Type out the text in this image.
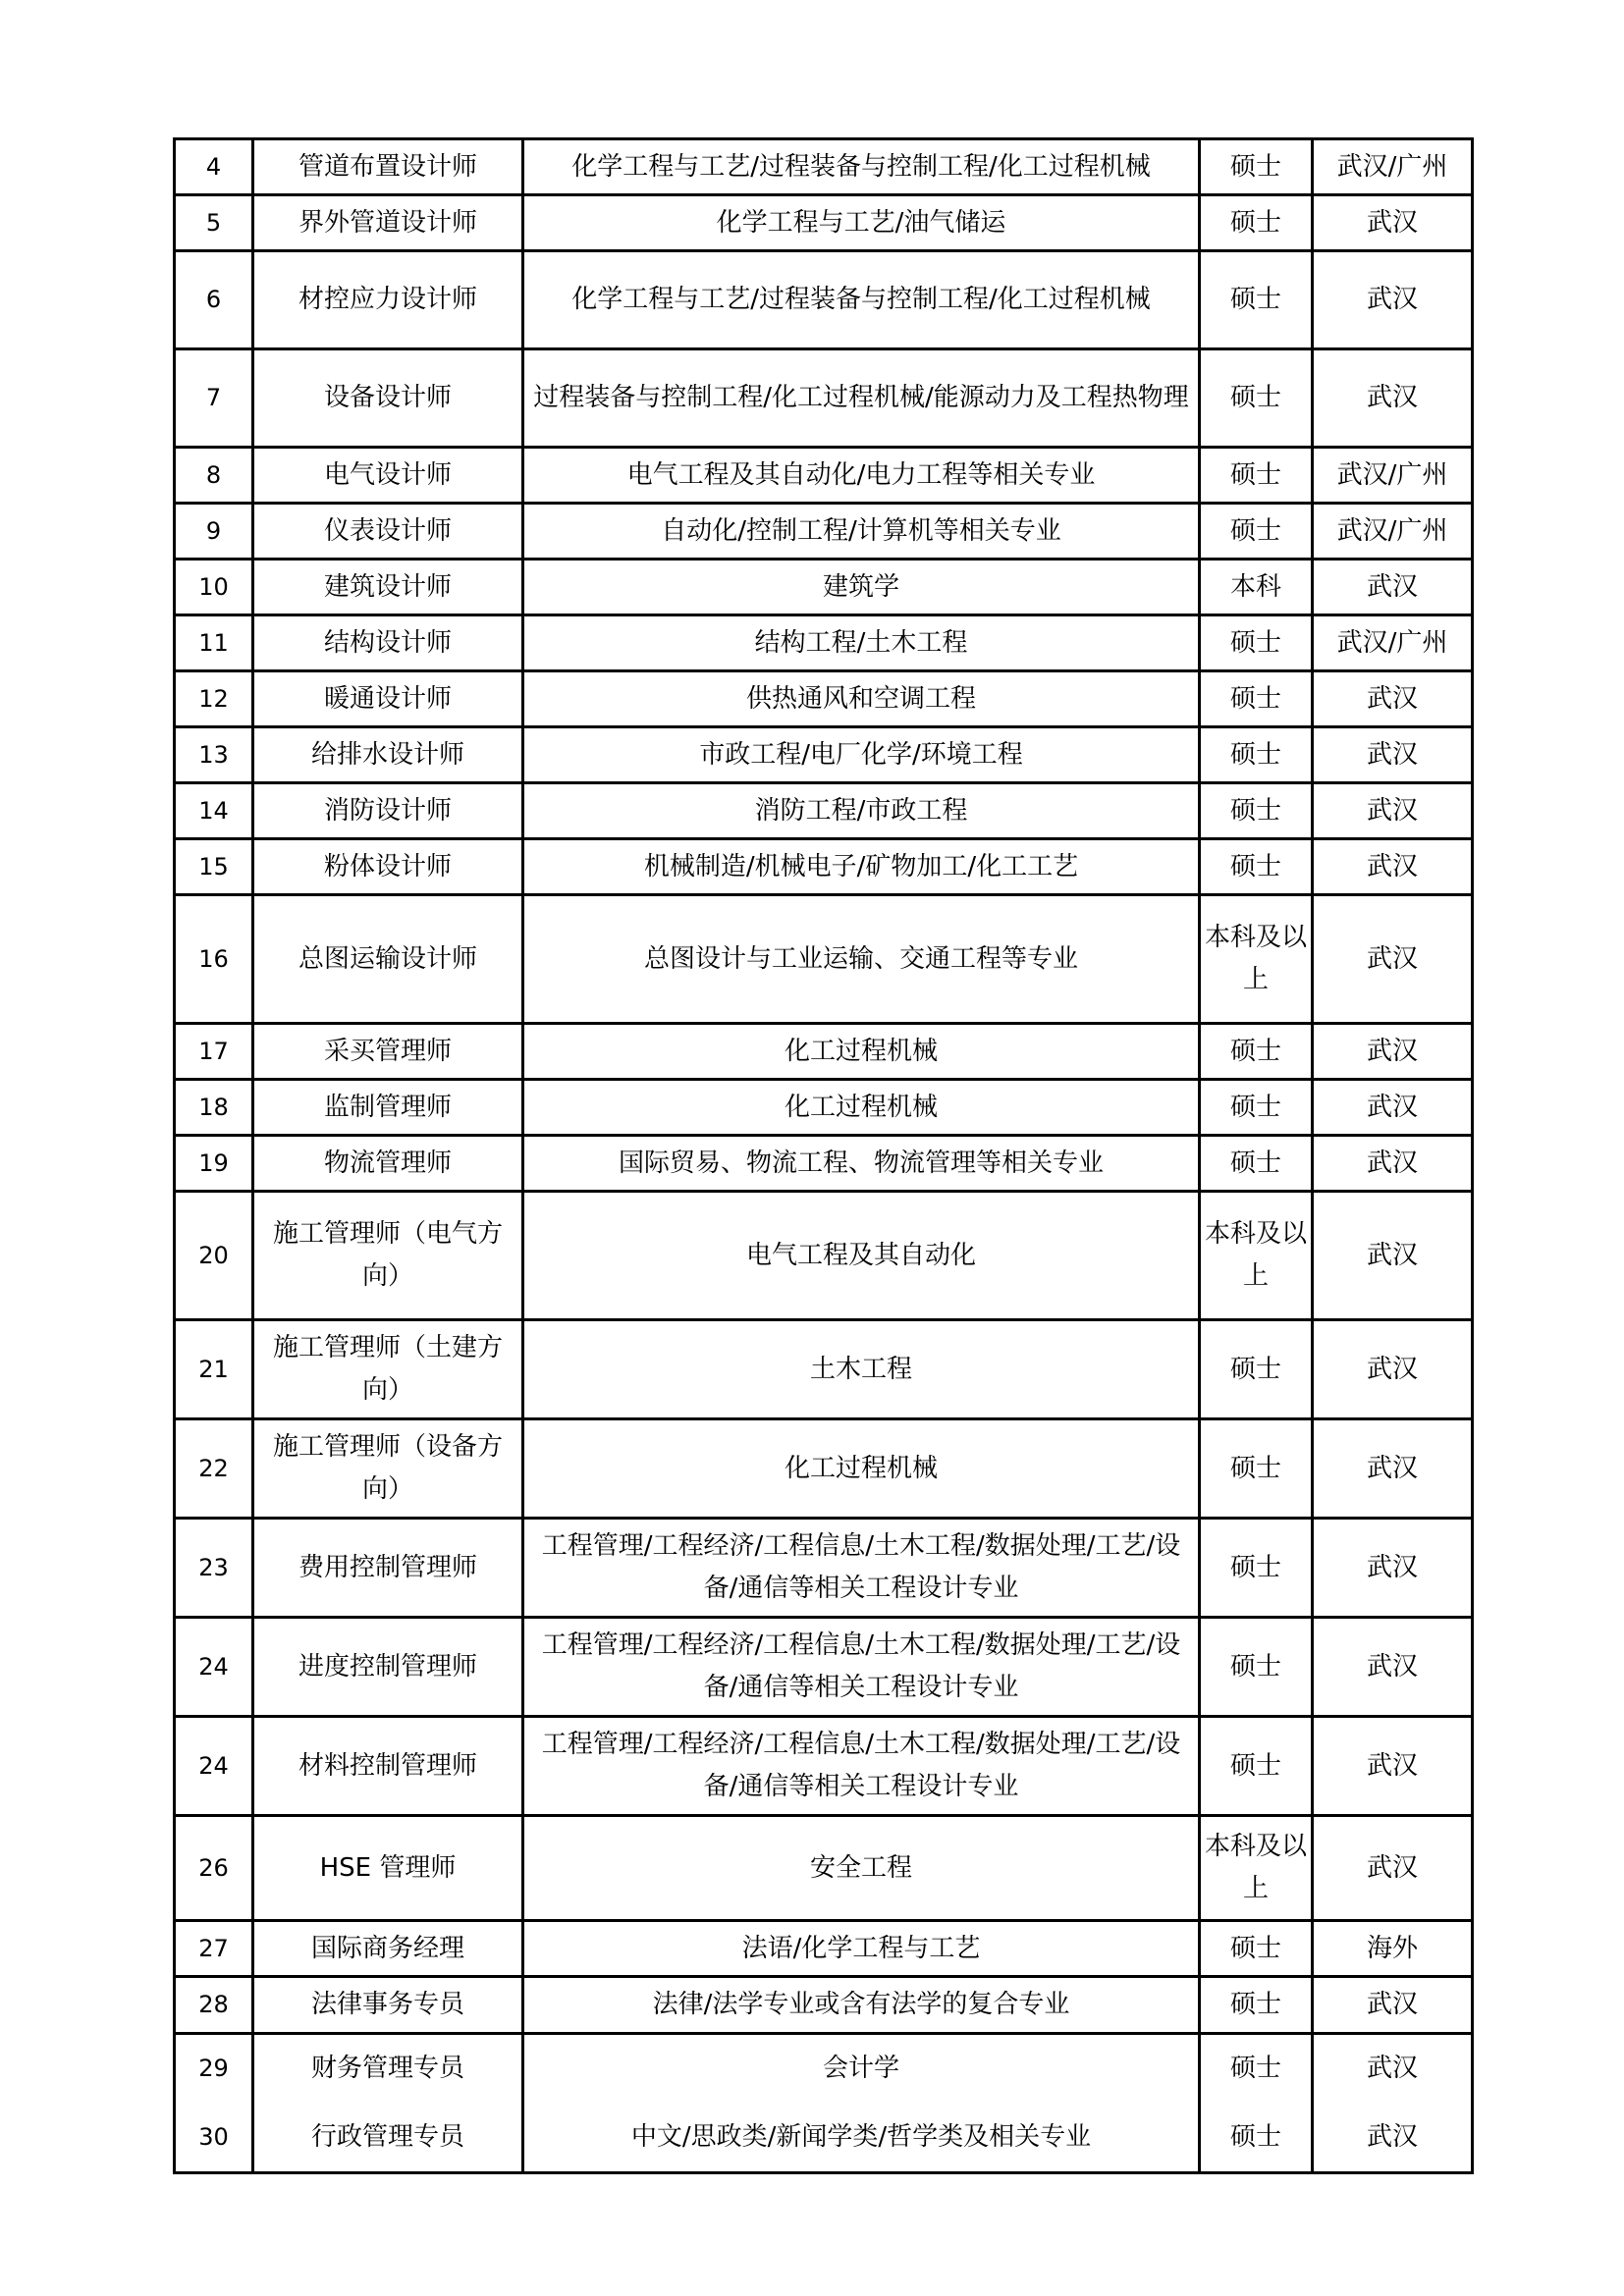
4	管道布置设计师	化学工程与工艺/过程装备与控制工程/化工过程机械	硕士	武汉/广州
5	界外管道设计师	化学工程与工艺/油气储运	硕士	武汉
6	材控应力设计师	化学工程与工艺/过程装备与控制工程/化工过程机械	硕士	武汉
7	设备设计师	过程装备与控制工程/化工过程机械/能源动力及工程热物理	硕士	武汉
8	电气设计师	电气工程及其自动化/电力工程等相关专业	硕士	武汉/广州
9	仪表设计师	自动化/控制工程/计算机等相关专业	硕士	武汉/广州
10	建筑设计师	建筑学	本科	武汉
11	结构设计师	结构工程/土木工程	硕士	武汉/广州
12	暖通设计师	供热通风和空调工程	硕士	武汉
13	给排水设计师	市政工程/电厂化学/环境工程	硕士	武汉
14	消防设计师	消防工程/市政工程	硕士	武汉
15	粉体设计师	机械制造/机械电子/矿物加工/化工工艺	硕士	武汉
16	总图运输设计师	总图设计与工业运输、交通工程等专业	本科及以上	武汉
17	采买管理师	化工过程机械	硕士	武汉
18	监制管理师	化工过程机械	硕士	武汉
19	物流管理师	国际贸易、物流工程、物流管理等相关专业	硕士	武汉
20	施工管理师（电气方向）	电气工程及其自动化	本科及以上	武汉
21	施工管理师（土建方向）	土木工程	硕士	武汉
22	施工管理师（设备方向）	化工过程机械	硕士	武汉
23	费用控制管理师	工程管理/工程经济/工程信息/土木工程/数据处理/工艺/设备/通信等相关工程设计专业	硕士	武汉
24	进度控制管理师	工程管理/工程经济/工程信息/土木工程/数据处理/工艺/设备/通信等相关工程设计专业	硕士	武汉
24	材料控制管理师	工程管理/工程经济/工程信息/土木工程/数据处理/工艺/设备/通信等相关工程设计专业	硕士	武汉
26	HSE 管理师	安全工程	本科及以上	武汉
27	国际商务经理	法语/化学工程与工艺	硕士	海外
28	法律事务专员	法律/法学专业或含有法学的复合专业	硕士	武汉
29	财务管理专员	会计学	硕士	武汉
30	行政管理专员	中文/思政类/新闻学类/哲学类及相关专业	硕士	武汉
